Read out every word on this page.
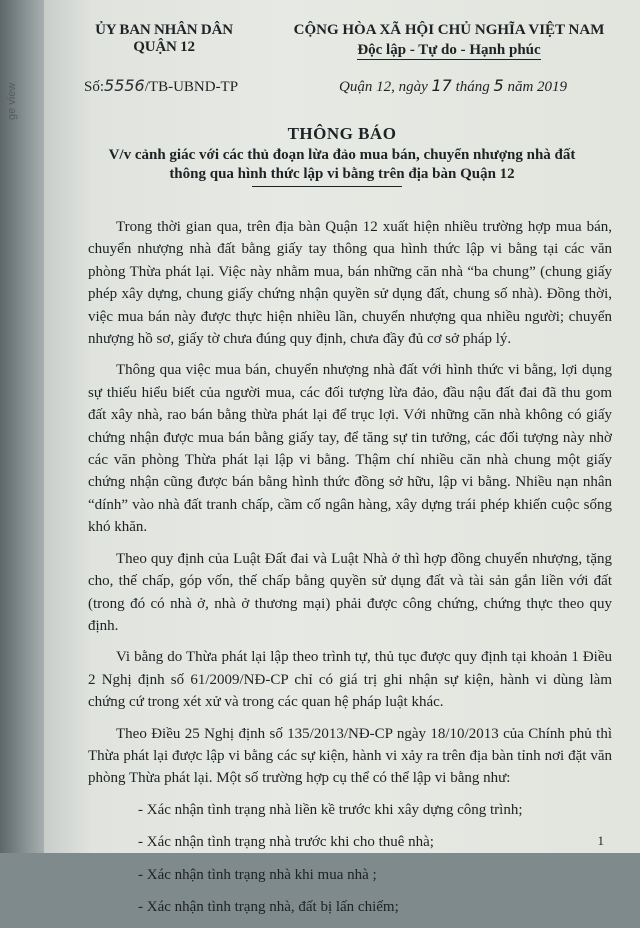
ge view
ỦY BAN NHÂN DÂN QUẬN 12
CỘNG HÒA XÃ HỘI CHỦ NGHĨA VIỆT NAM
Độc lập - Tự do - Hạnh phúc
Số:5556/TB-UBND-TP	Quận 12, ngày 17 tháng 5 năm 2019
THÔNG BÁO
V/v cảnh giác với các thủ đoạn lừa đảo mua bán, chuyển nhượng nhà đất
thông qua hình thức lập vi bằng trên địa bàn Quận 12

Trong thời gian qua, trên địa bàn Quận 12 xuất hiện nhiều trường hợp mua bán, chuyển nhượng nhà đất bằng giấy tay thông qua hình thức lập vi bằng tại các văn phòng Thừa phát lại. Việc này nhằm mua, bán những căn nhà “ba chung” (chung giấy phép xây dựng, chung giấy chứng nhận quyền sử dụng đất, chung số nhà). Đồng thời, việc mua bán này được thực hiện nhiều lần, chuyển nhượng qua nhiều người; chuyển nhượng hồ sơ, giấy tờ chưa đúng quy định, chưa đầy đủ cơ sở pháp lý.

Thông qua việc mua bán, chuyển nhượng nhà đất với hình thức vi bằng, lợi dụng sự thiếu hiểu biết của người mua, các đối tượng lừa đảo, đầu nậu đất đai đã thu gom đất xây nhà, rao bán bằng thừa phát lại để trục lợi. Với những căn nhà không có giấy chứng nhận được mua bán bằng giấy tay, để tăng sự tin tưởng, các đối tượng này nhờ các văn phòng Thừa phát lại lập vi bằng. Thậm chí nhiều căn nhà chung một giấy chứng nhận cũng được bán bằng hình thức đồng sở hữu, lập vi bằng. Nhiều nạn nhân “dính” vào nhà đất tranh chấp, cầm cố ngân hàng, xây dựng trái phép khiến cuộc sống khó khăn.

Theo quy định của Luật Đất đai và Luật Nhà ở thì hợp đồng chuyển nhượng, tặng cho, thế chấp, góp vốn, thế chấp bằng quyền sử dụng đất và tài sản gắn liền với đất (trong đó có nhà ở, nhà ở thương mại) phải được công chứng, chứng thực theo quy định.

Vi bằng do Thừa phát lại lập theo trình tự, thủ tục được quy định tại khoản 1 Điều 2 Nghị định số 61/2009/NĐ-CP chỉ có giá trị ghi nhận sự kiện, hành vi dùng làm chứng cứ trong xét xử và trong các quan hệ pháp luật khác.

Theo Điều 25 Nghị định số 135/2013/NĐ-CP ngày 18/10/2013 của Chính phủ thì Thừa phát lại được lập vi bằng các sự kiện, hành vi xảy ra trên địa bàn tỉnh nơi đặt văn phòng Thừa phát lại. Một số trường hợp cụ thể có thể lập vi bằng như:

- Xác nhận tình trạng nhà liền kề trước khi xây dựng công trình;

- Xác nhận tình trạng nhà trước khi cho thuê nhà;

- Xác nhận tình trạng nhà khi mua nhà ;

- Xác nhận tình trạng nhà, đất bị lấn chiếm;

1
